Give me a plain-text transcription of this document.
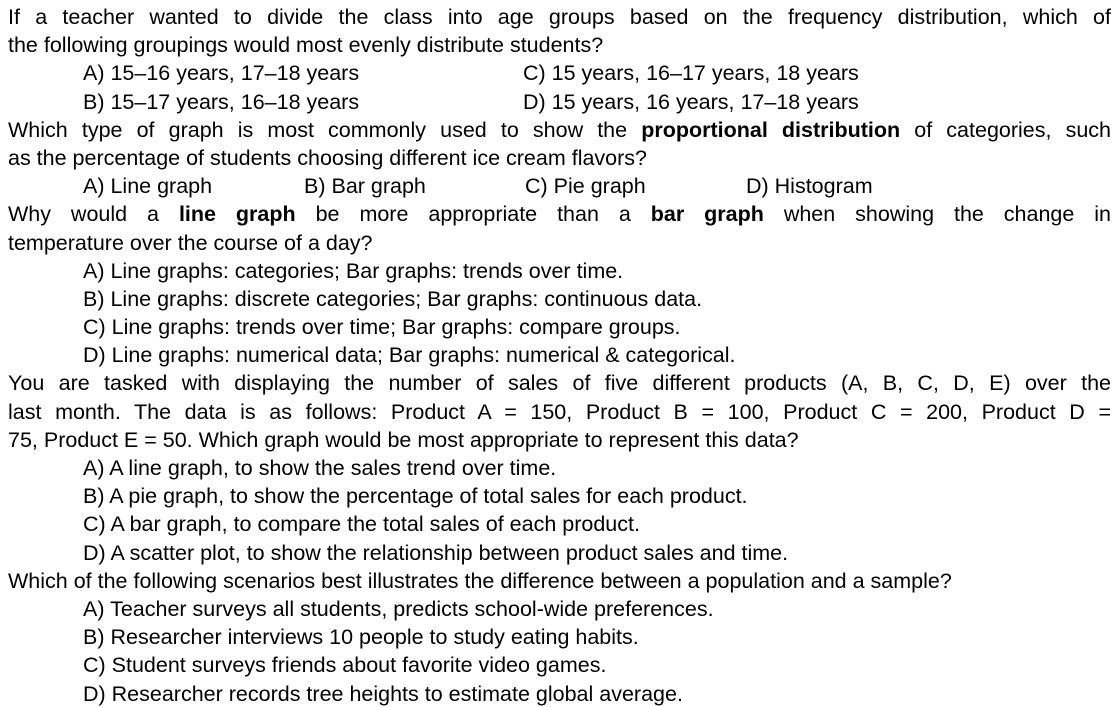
If a teacher wanted to divide the class into age groups based on the frequency distribution, which of
the following groupings would most evenly distribute students?
A) 15–16 years, 17–18 years	C) 15 years, 16–17 years, 18 years
B) 15–17 years, 16–18 years	D) 15 years, 16 years, 17–18 years
Which type of graph is most commonly used to show the proportional distribution of categories, such
as the percentage of students choosing different ice cream flavors?
A) Line graph	B) Bar graph	C) Pie graph	D) Histogram
Why would a line graph be more appropriate than a bar graph when showing the change in
temperature over the course of a day?
A) Line graphs: categories; Bar graphs: trends over time.
B) Line graphs: discrete categories; Bar graphs: continuous data.
C) Line graphs: trends over time; Bar graphs: compare groups.
D) Line graphs: numerical data; Bar graphs: numerical & categorical.
You are tasked with displaying the number of sales of five different products (A, B, C, D, E) over the
last month. The data is as follows: Product A = 150, Product B = 100, Product C = 200, Product D =
75, Product E = 50. Which graph would be most appropriate to represent this data?
A) A line graph, to show the sales trend over time.
B) A pie graph, to show the percentage of total sales for each product.
C) A bar graph, to compare the total sales of each product.
D) A scatter plot, to show the relationship between product sales and time.
Which of the following scenarios best illustrates the difference between a population and a sample?
A) Teacher surveys all students, predicts school-wide preferences.
B) Researcher interviews 10 people to study eating habits.
C) Student surveys friends about favorite video games.
D) Researcher records tree heights to estimate global average.
